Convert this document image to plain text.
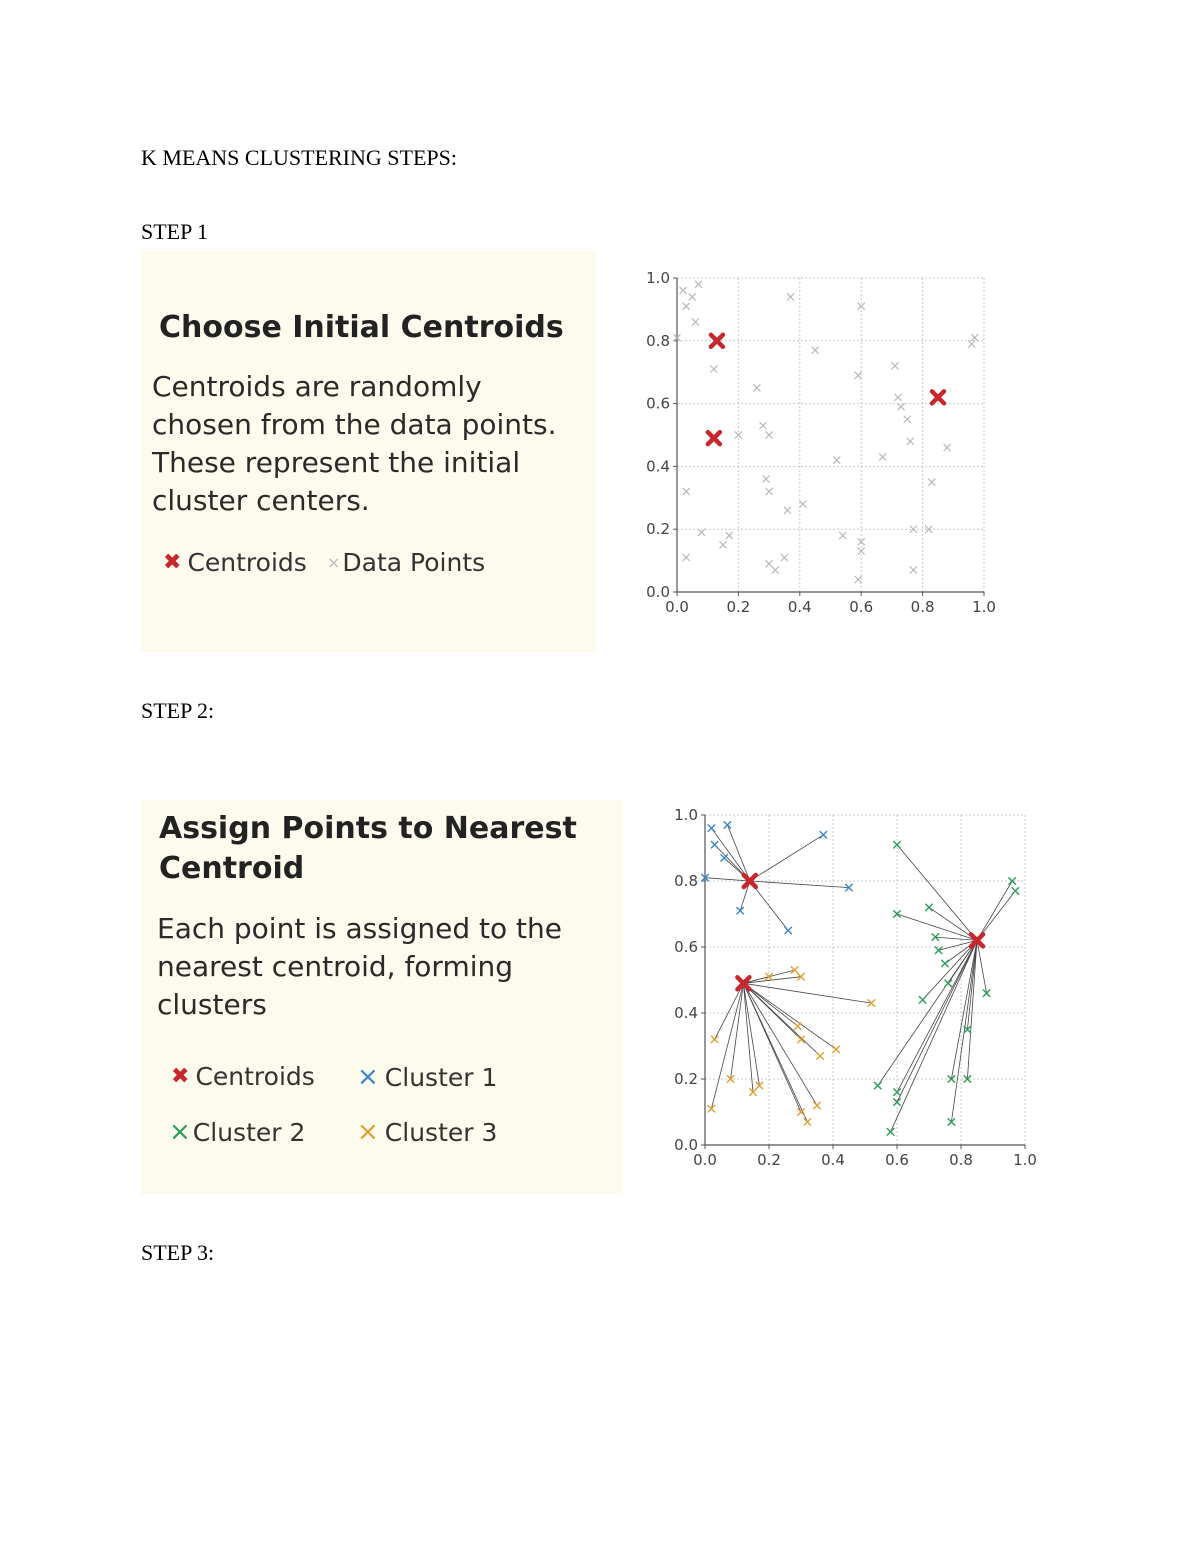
K MEANS CLUSTERING STEPS:
STEP 1
Choose Initial Centroids
Centroids are randomly
chosen from the data points.
These represent the initial
cluster centers.
✖ Centroids × Data Points
0.0
0.0
0.2
0.2
0.4
0.4
0.6
0.6
0.8
0.8
1.0
1.0
STEP 2:
Assign Points to Nearest
Centroid
Each point is assigned to the
nearest centroid, forming
clusters
✖ Centroids × Cluster 1
× Cluster 2 × Cluster 3
0.0
0.0
0.2
0.2
0.4
0.4
0.6
0.6
0.8
0.8
1.0
1.0
STEP 3:
